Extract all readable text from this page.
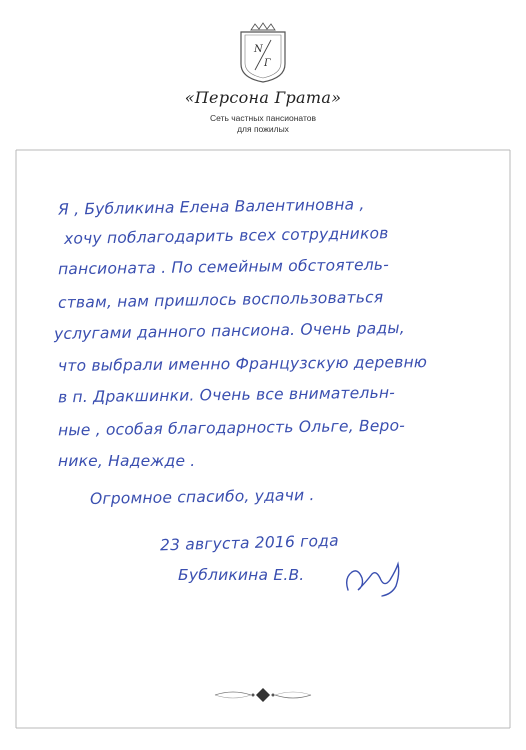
N
Г
«Персона Грата»
Сеть частных пансионатов
для пожилых
Я , Бубликина Елена Валентиновна ,
хочу поблагодарить всех сотрудников
пансионата . По семейным обстоятель-
ствам, нам пришлось воспользоваться
услугами данного пансиона. Очень рады,
что выбрали именно Французскую деревню
в п. Дракшинки. Очень все внимательн-
ные , особая благодарность Ольге, Веро-
нике, Надежде .
Огромное спасибо, удачи .
23 августа 2016 года
Бубликина Е.В.
